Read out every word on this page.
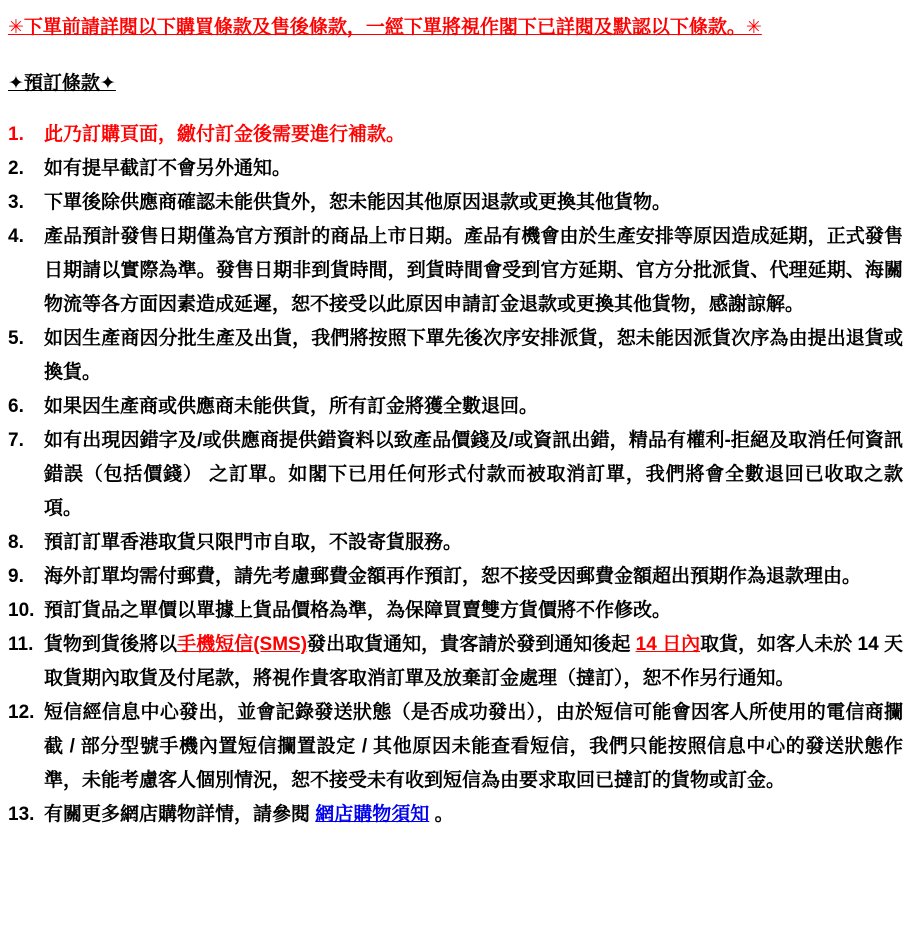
✳下單前請詳閱以下購買條款及售後條款，一經下單將視作閣下已詳閱及默認以下條款。✳
✦預訂條款✦
1.	此乃訂購頁面，繳付訂金後需要進行補款。
2.	如有提早截訂不會另外通知。
3.	下單後除供應商確認未能供貨外，恕未能因其他原因退款或更換其他貨物。
4.	產品預計發售日期僅為官方預計的商品上市日期。產品有機會由於生產安排等原因造成延期，正式發售日期請以實際為準。發售日期非到貨時間，到貨時間會受到官方延期、官方分批派貨、代理延期、海關物流等各方面因素造成延遲，恕不接受以此原因申請訂金退款或更換其他貨物，感謝諒解。
5.	如因生產商因分批生產及出貨，我們將按照下單先後次序安排派貨，恕未能因派貨次序為由提出退貨或換貨。
6.	如果因生產商或供應商未能供貨，所有訂金將獲全數退回。
7.	如有出現因錯字及/或供應商提供錯資料以致產品價錢及/或資訊出錯，精品有權利-拒絕及取消任何資訊錯誤（包括價錢） 之訂單。如閣下已用任何形式付款而被取消訂單，我們將會全數退回已收取之款項。
8.	預訂訂單香港取貨只限門市自取，不設寄貨服務。
9.	海外訂單均需付郵費，請先考慮郵費金額再作預訂，恕不接受因郵費金額超出預期作為退款理由。
10. 預訂貨品之單價以單據上貨品價格為準，為保障買賣雙方貨價將不作修改。
11. 貨物到貨後將以手機短信(SMS)發出取貨通知，貴客請於發到通知後起 14 日內取貨，如客人未於 14 天取貨期內取貨及付尾款，將視作貴客取消訂單及放棄訂金處理（撻訂），恕不作另行通知。
12. 短信經信息中心發出，並會記錄發送狀態（是否成功發出），由於短信可能會因客人所使用的電信商攔截 / 部分型號手機內置短信攔置設定 / 其他原因未能查看短信，我們只能按照信息中心的發送狀態作準，未能考慮客人個別情況，恕不接受未有收到短信為由要求取回已撻訂的貨物或訂金。
13. 有關更多網店購物詳情，請參閱 網店購物須知 。
